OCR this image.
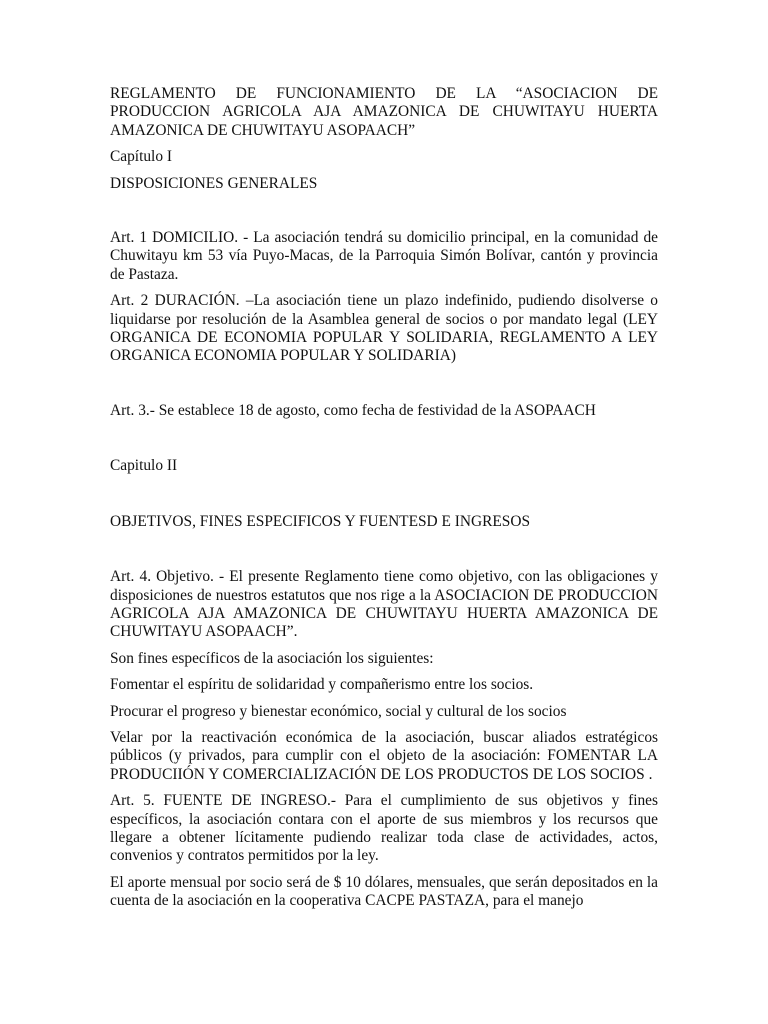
REGLAMENTO DE FUNCIONAMIENTO DE LA “ASOCIACION DE PRODUCCION AGRICOLA AJA AMAZONICA DE CHUWITAYU HUERTA AMAZONICA DE CHUWITAYU ASOPAACH”

Capítulo I

DISPOSICIONES GENERALES

Art. 1 DOMICILIO. - La asociación tendrá su domicilio principal, en la comunidad de Chuwitayu km 53 vía Puyo-Macas, de la Parroquia Simón Bolívar, cantón y provincia de Pastaza.

Art. 2 DURACIÓN. –La asociación tiene un plazo indefinido, pudiendo disolverse o liquidarse por resolución de la Asamblea general de socios o por mandato legal (LEY ORGANICA DE ECONOMIA POPULAR Y SOLIDARIA, REGLAMENTO A LEY ORGANICA ECONOMIA POPULAR Y SOLIDARIA)

Art. 3.- Se establece 18 de agosto, como fecha de festividad de la ASOPAACH

Capitulo II

OBJETIVOS, FINES ESPECIFICOS Y FUENTESD E INGRESOS

Art. 4. Objetivo. - El presente Reglamento tiene como objetivo, con las obligaciones y disposiciones de nuestros estatutos que nos rige a la ASOCIACION DE PRODUCCION AGRICOLA AJA AMAZONICA DE CHUWITAYU HUERTA AMAZONICA DE CHUWITAYU ASOPAACH”.

Son fines específicos de la asociación los siguientes:

Fomentar el espíritu de solidaridad y compañerismo entre los socios.

Procurar el progreso y bienestar económico, social y cultural de los socios

Velar por la reactivación económica de la asociación, buscar aliados estratégicos públicos (y privados, para cumplir con el objeto de la asociación: FOMENTAR LA PRODUCIIÓN Y COMERCIALIZACIÓN DE LOS PRODUCTOS DE LOS SOCIOS .

Art. 5. FUENTE DE INGRESO.- Para el cumplimiento de sus objetivos y fines específicos, la asociación contara con el aporte de sus miembros y los recursos que llegare a obtener lícitamente pudiendo realizar toda clase de actividades, actos, convenios y contratos permitidos por la ley.

El aporte mensual por socio será de $ 10 dólares, mensuales, que serán depositados en la cuenta de la asociación en la cooperativa CACPE PASTAZA, para el manejo
